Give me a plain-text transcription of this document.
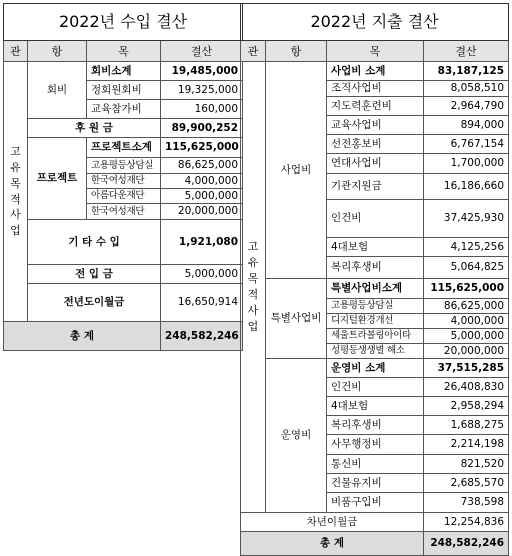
2022년 수입 결산			
관	항	목	결산
고유목적사업	회비	회비소계	19,485,000
		정회원회비	19,325,000
		교육참가비	160,000
	후 원 금		89,900,252
	프로젝트	프로젝트소계	115,625,000
		고용평등상담실	86,625,000
		한국여성재단	4,000,000
		아름다운재단	5,000,000
		한국여성재단	20,000,000
	기 타 수 입		1,921,080
	전 입 금		5,000,000
	전년도이월금		16,650,914

총 계			248,582,246
2022년 지출 결산			
관	항	목	결산
고유목적사업	사업비	사업비 소계	83,187,125
		조직사업비	8,058,510
		지도력훈련비	2,964,790
		교육사업비	894,000
		선전홍보비	6,767,154
		연대사업비	1,700,000
		기관지원금	16,186,660
		인건비	37,425,930
		4대보험	4,125,256
		복리후생비	5,064,825
	특별사업비	특별사업비소계	115,625,000
		고용평등상담실	86,625,000
		디지털환경개선	4,000,000
		세울트라볼링아이타	5,000,000
		성평등생생별 해소	20,000,000
	운영비	운영비 소계	37,515,285
		인건비	26,408,830
		4대보험	2,958,294
		복리후생비	1,688,275
		사무행정비	2,214,198
		통신비	821,520
		건물유지비	2,685,570
		비품구입비	738,598
차년이월금			12,254,836
총 계			248,582,246
